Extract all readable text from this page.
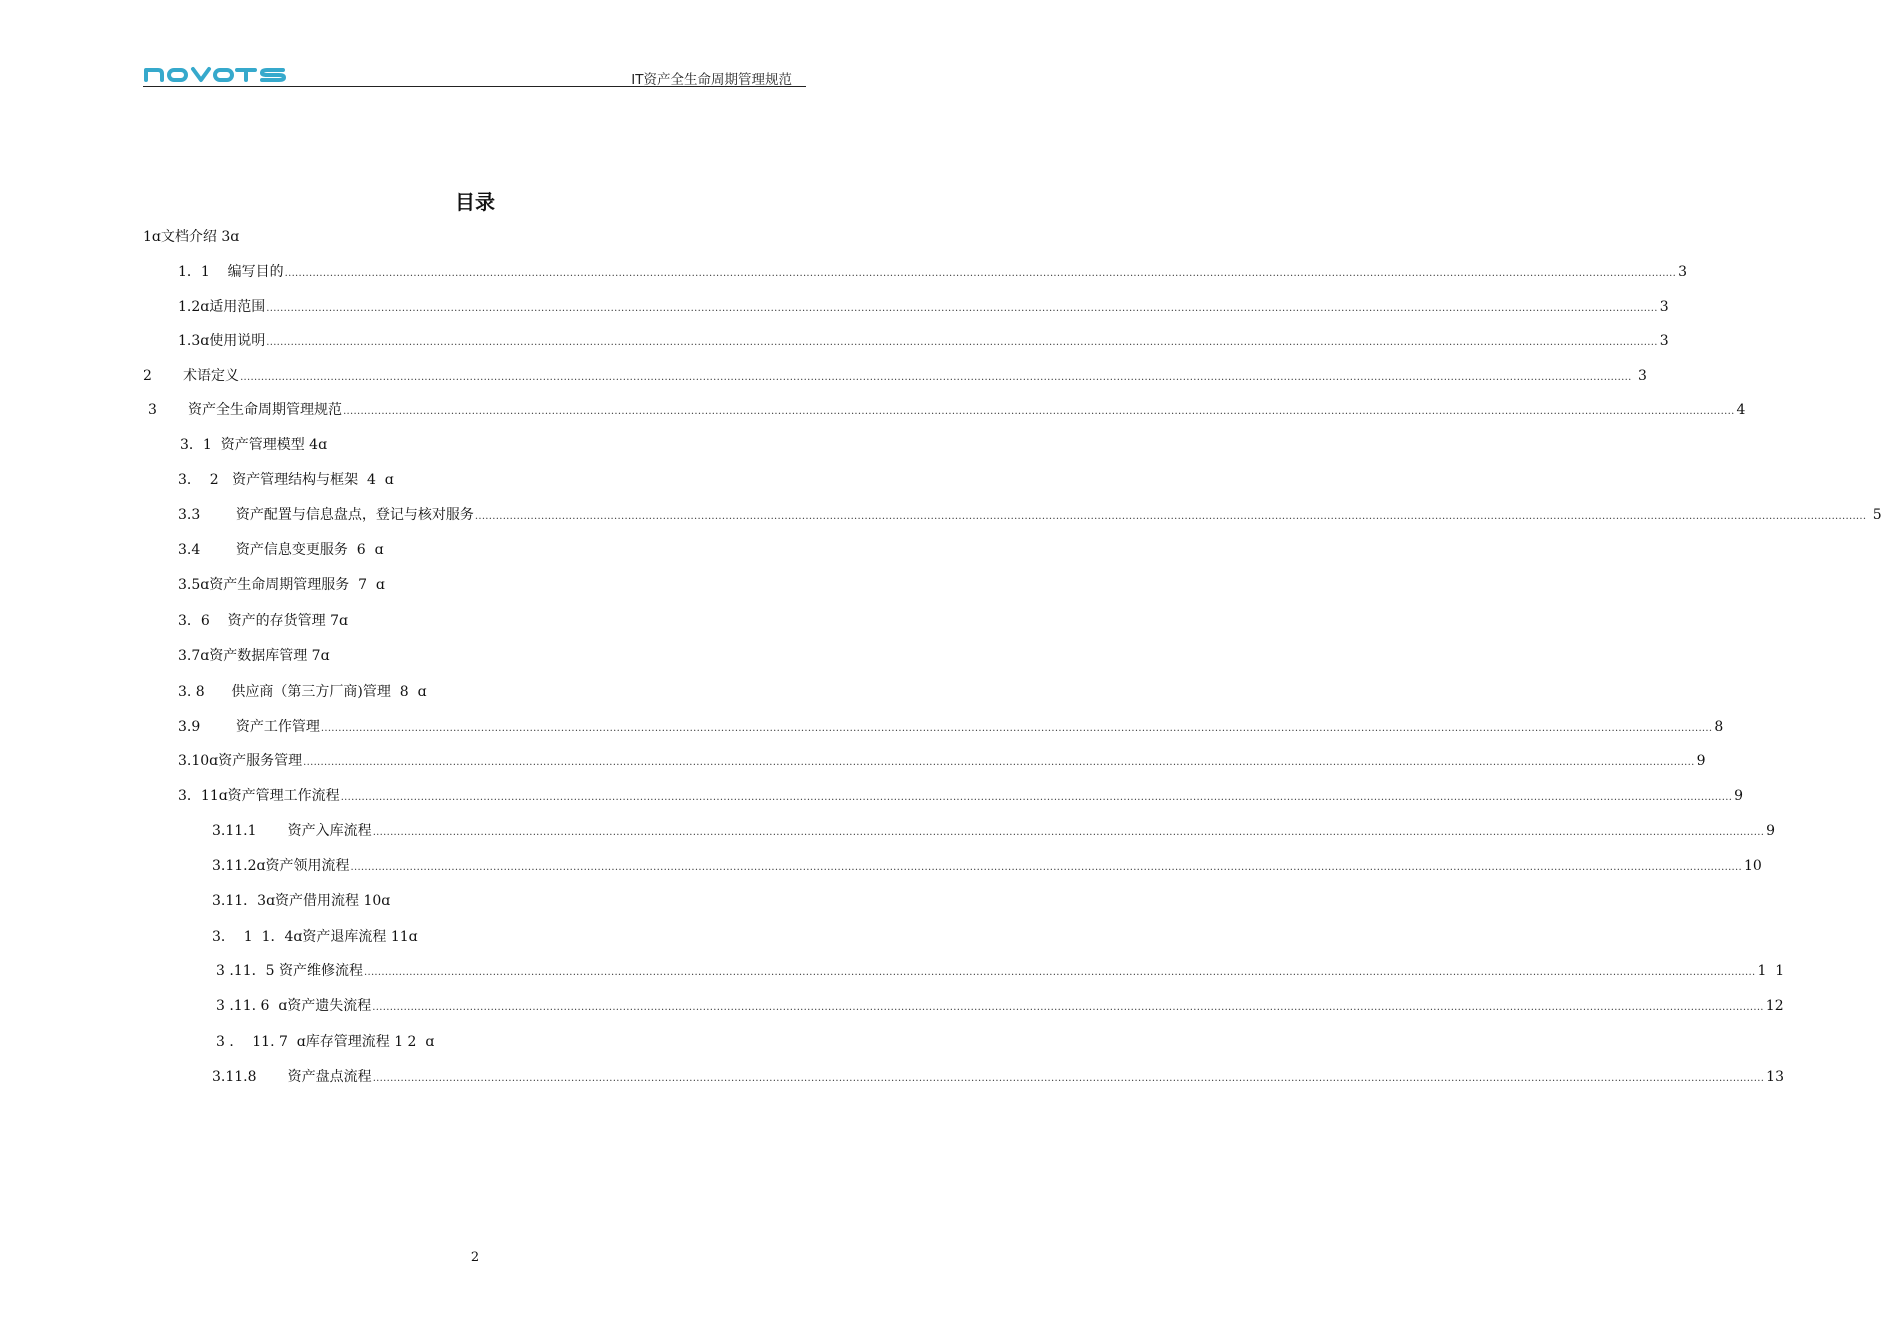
IT资产全生命周期管理规范
目录
1ɑ文档介绍 3ɑ
1．1    编写目的 ................................................................................................................................................................................................................................................................................................................................................................................................................ 3
1.2ɑ适用范围 ................................................................................................................................................................................................................................................................................................................................................................................................................ 3
1.3ɑ使用说明 ................................................................................................................................................................................................................................................................................................................................................................................................................ 3
2       术语定义 ................................................................................................................................................................................................................................................................................................................................................................................................................ 3
3       资产全生命周期管理规范 ................................................................................................................................................................................................................................................................................................................................................................................................................ 4
3．1  资产管理模型 4ɑ
3．  2   资产管理结构与框架  4  ɑ
3.3        资产配置与信息盘点，登记与核对服务 ................................................................................................................................................................................................................................................................................................................................................................................................................ 5
3.4        资产信息变更服务  6  ɑ
3.5ɑ资产生命周期管理服务  7  ɑ
3．6    资产的存货管理 7ɑ
3.7ɑ资产数据库管理 7ɑ
3. 8      供应商（第三方厂商)管理  8  ɑ
3.9        资产工作管理 ................................................................................................................................................................................................................................................................................................................................................................................................................ 8
3.10ɑ资产服务管理 ................................................................................................................................................................................................................................................................................................................................................................................................................ 9
3．11ɑ资产管理工作流程 ................................................................................................................................................................................................................................................................................................................................................................................................................ 9
3.11.1       资产入库流程 ................................................................................................................................................................................................................................................................................................................................................................................................................ 9
3.11.2ɑ资产领用流程 ................................................................................................................................................................................................................................................................................................................................................................................................................ 10
3.11．3ɑ资产借用流程 10ɑ
3．  1  1．4ɑ资产退库流程 11ɑ
3 .11．5 资产维修流程 ................................................................................................................................................................................................................................................................................................................................................................................................................ 1  1
3 .11. 6  ɑ资产遗失流程 ................................................................................................................................................................................................................................................................................................................................................................................................................ 12
3 ．  11. 7  ɑ库存管理流程 1 2  ɑ
3.11.8       资产盘点流程 ................................................................................................................................................................................................................................................................................................................................................................................................................ 13
2
